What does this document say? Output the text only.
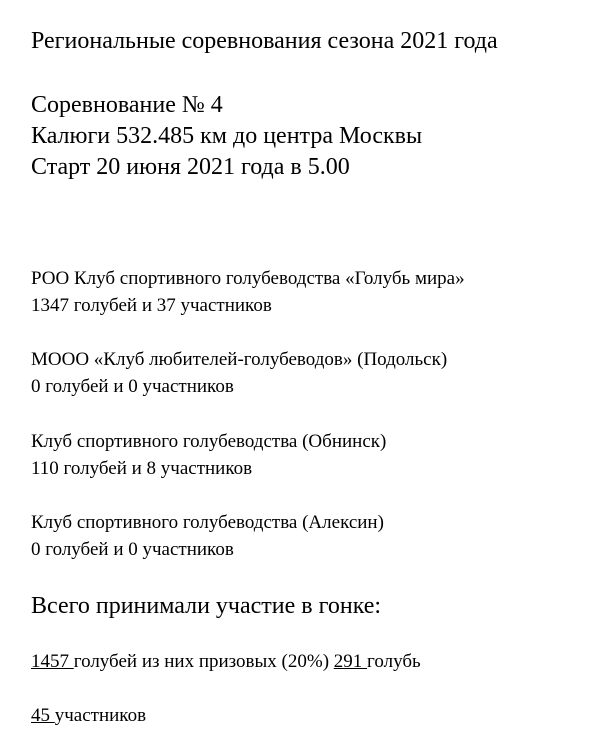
Региональные соревнования сезона 2021 года

Соревнование № 4

Калюги 532.485 км до центра Москвы

Старт 20 июня 2021 года в 5.00

РОО Клуб спортивного голубеводства «Голубь мира»

1347 голубей и 37 участников

МООО «Клуб любителей-голубеводов» (Подольск)

0 голубей и 0 участников

Клуб спортивного голубеводства (Обнинск)

110 голубей и 8 участников

Клуб спортивного голубеводства (Алексин)

0 голубей и 0 участников

Всего принимали участие в гонке:

1457 голубей из них призовых (20%) 291 голубь

45 участников
